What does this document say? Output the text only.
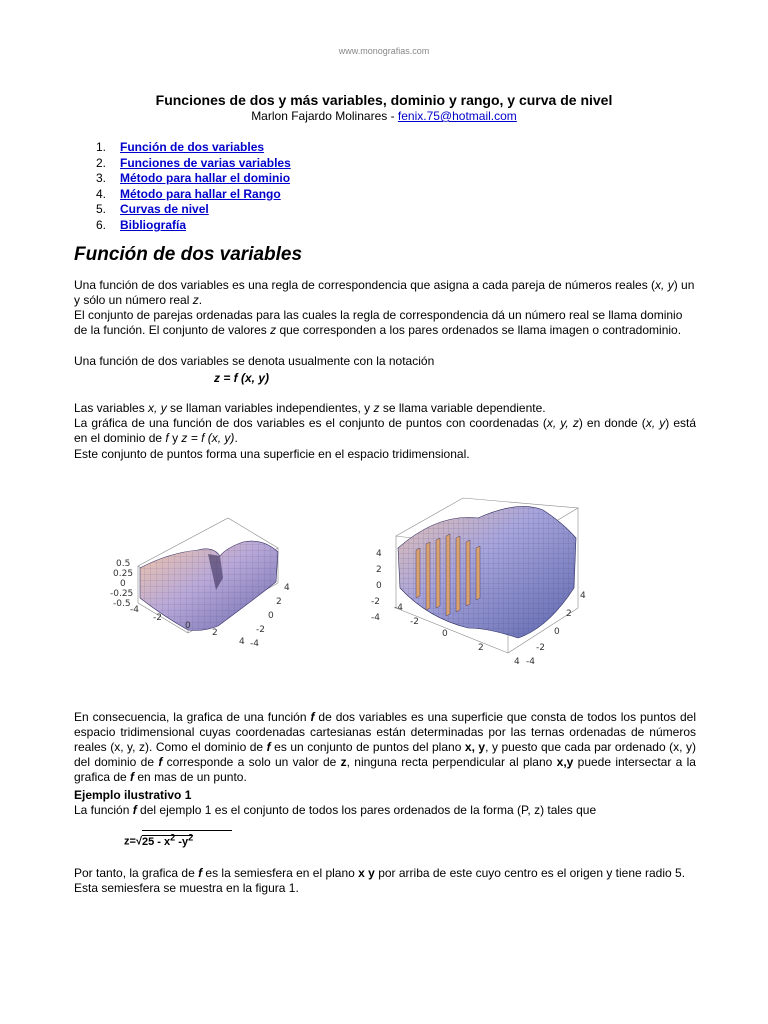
www.monografias.com
Funciones de dos y más variables, dominio y rango, y curva de nivel
Marlon Fajardo Molinares - fenix.75@hotmail.com
1. Función de dos variables
2. Funciones de varias variables
3. Método para hallar el dominio
4. Método para hallar el Rango
5. Curvas de nivel
6. Bibliografía
Función de dos variables
Una función de dos variables es una regla de correspondencia que asigna a cada pareja de números reales (x, y) un y sólo un número real z.
El conjunto de parejas ordenadas para las cuales la regla de correspondencia dá un número real se llama dominio de la función. El conjunto de valores z que corresponden a los pares ordenados se llama imagen o contradominio.
Una función de dos variables se denota usualmente con la notación
z = f (x, y)
Las variables x, y se llaman variables independientes, y z se llama variable dependiente.
La gráfica de una función de dos variables es el conjunto de puntos con coordenadas (x, y, z) en donde (x, y) está en el dominio de f y z = f (x, y).
Este conjunto de puntos forma una superficie en el espacio tridimensional.
0.5
0.25
0
-0.25
-0.5
-4
-2
0
2
4
4
2
0
-2
-4
4
2
0
-2
-4
-4
-2
0
2
4
4
2
0
-2
-4
En consecuencia, la grafica de una función f de dos variables es una superficie que consta de todos los puntos del espacio tridimensional cuyas coordenadas cartesianas están determinadas por las ternas ordenadas de números reales (x, y, z). Como el dominio de f es un conjunto de puntos del plano x, y, y puesto que cada par ordenado (x, y) del dominio de f corresponde a solo un valor de z, ninguna recta perpendicular al plano x,y puede intersectar a la grafica de f en mas de un punto.
Ejemplo ilustrativo 1
La función f del ejemplo 1 es el conjunto de todos los pares ordenados de la forma (P, z) tales que
$z=√25 - x^2$ $-y^2$
Por tanto, la grafica de f es la semiesfera en el plano x y por arriba de este cuyo centro es el origen y tiene radio 5. Esta semiesfera se muestra en la figura 1.
